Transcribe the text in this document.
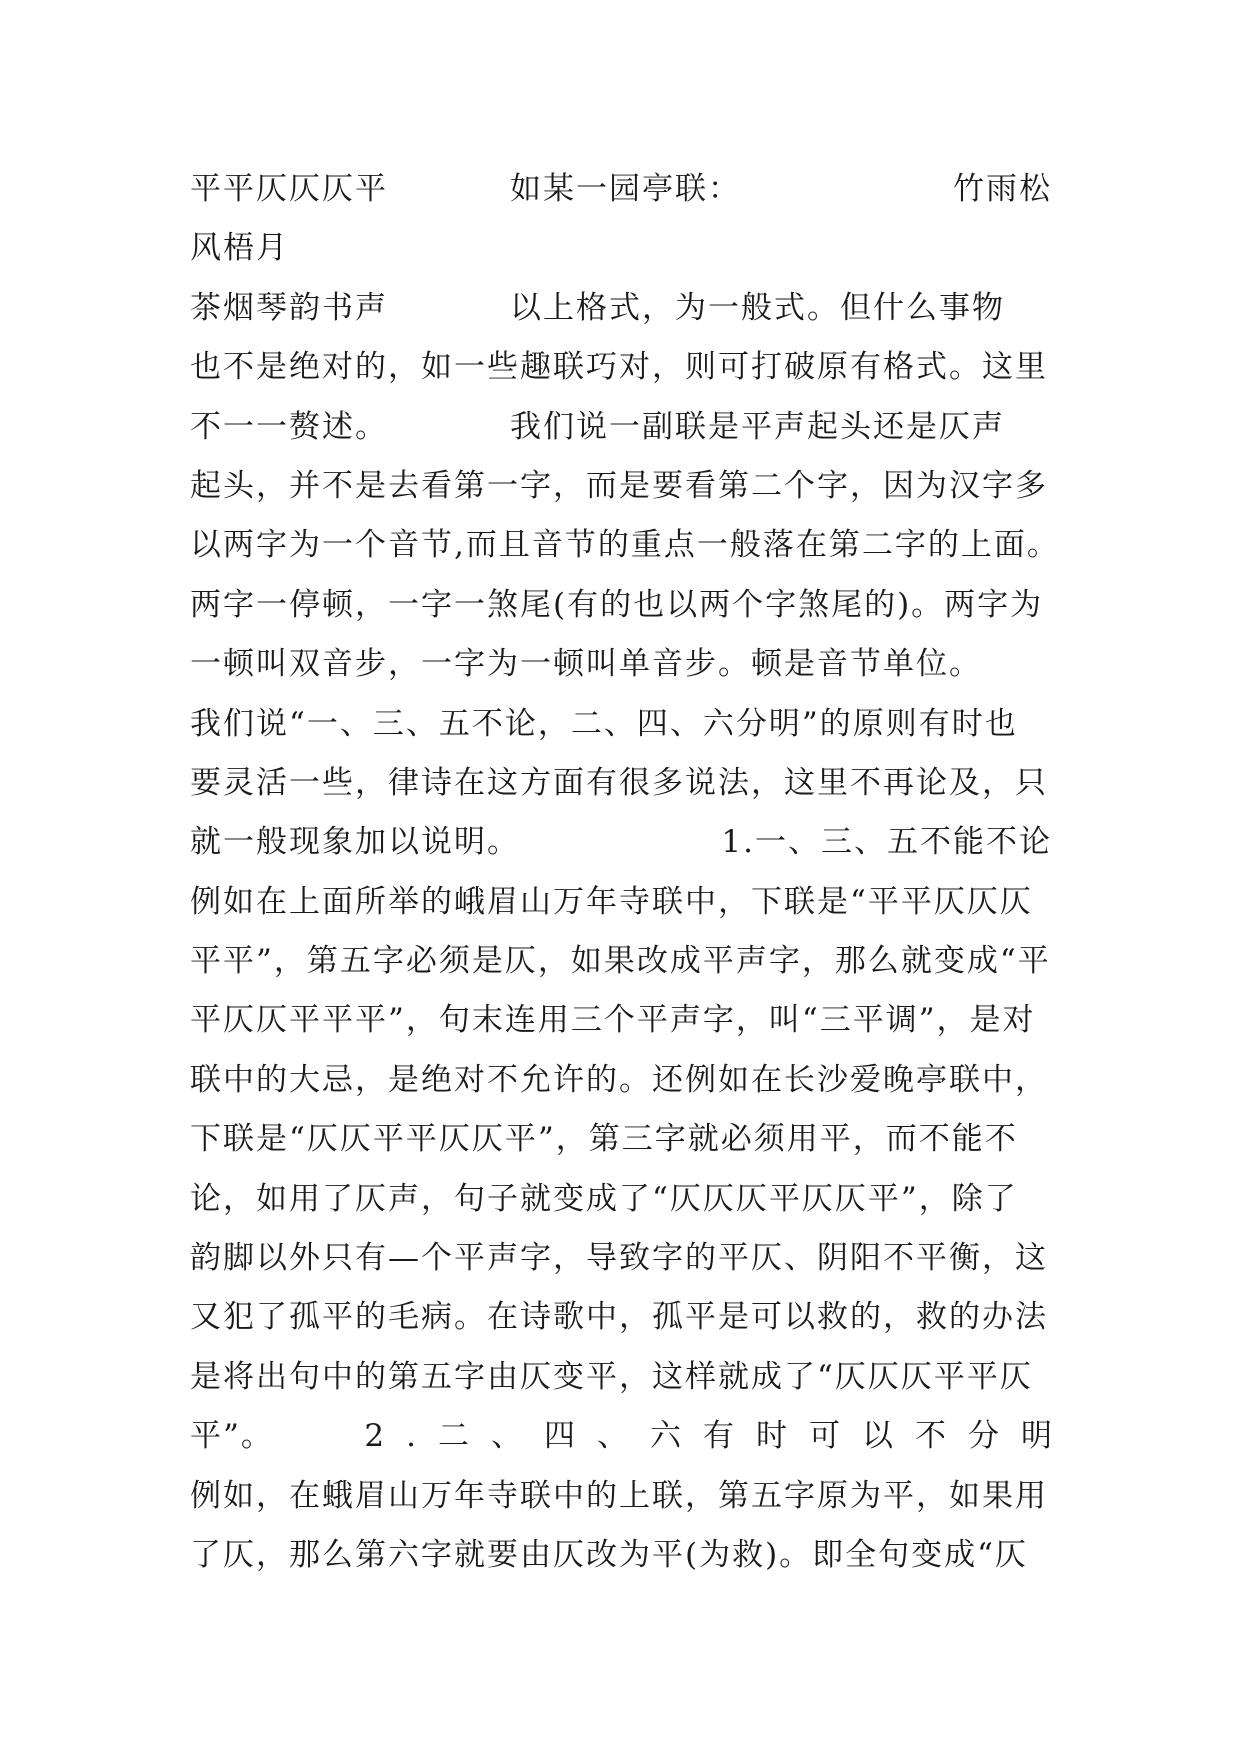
平平仄仄仄平	如某一园亭联：	竹雨松
风梧月
茶烟琴韵书声	以上格式，为一般式。但什么事物
也不是绝对的，如一些趣联巧对，则可打破原有格式。这里
不一一赘述。	我们说一副联是平声起头还是仄声
起头，并不是去看第一字，而是要看第二个字，因为汉字多
以两字为一个音节,而且音节的重点一般落在第二字的上面。
两字一停顿，一字一煞尾(有的也以两个字煞尾的)。两字为
一顿叫双音步，一字为一顿叫单音步。顿是音节单位。
我们说“一、三、五不论，二、四、六分明”的原则有时也
要灵活一些，律诗在这方面有很多说法，这里不再论及，只
就一般现象加以说明。	1.一、三、五不能不论
例如在上面所举的峨眉山万年寺联中，下联是“平平仄仄仄
平平”，第五字必须是仄，如果改成平声字，那么就变成“平
平仄仄平平平”，句末连用三个平声字，叫“三平调”，是对
联中的大忌，是绝对不允许的。还例如在长沙爱晚亭联中，
下联是“仄仄平平仄仄平”，第三字就必须用平，而不能不
论，如用了仄声，句子就变成了“仄仄仄平仄仄平”，除了
韵脚以外只有—个平声字，导致字的平仄、阴阳不平衡，这
又犯了孤平的毛病。在诗歌中，孤平是可以救的，救的办法
是将出句中的第五字由仄变平，这样就成了“仄仄仄平平仄
平”。	2.二、四、六有时可以不分明
例如，在蛾眉山万年寺联中的上联，第五字原为平，如果用
了仄，那么第六字就要由仄改为平(为救)。即全句变成“仄
